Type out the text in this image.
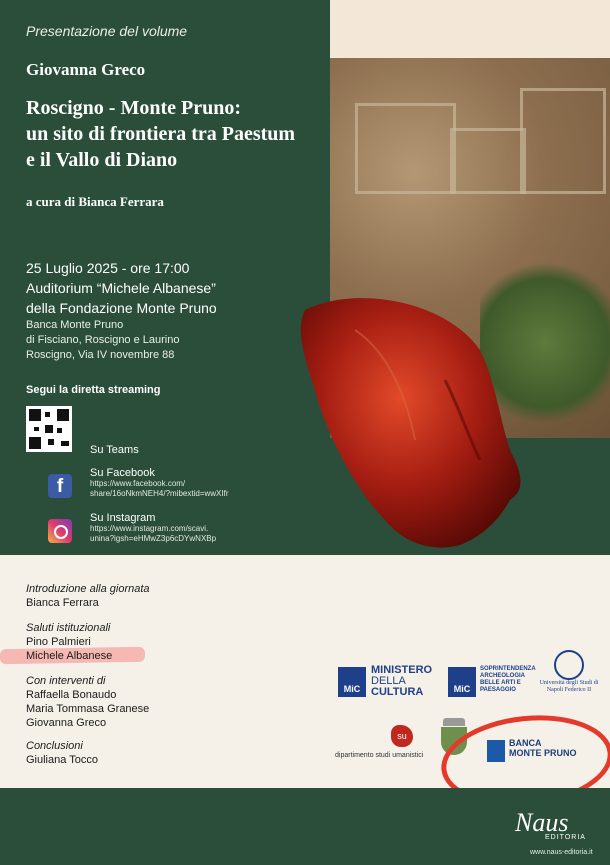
Presentazione del volume
Giovanna Greco
Roscigno - Monte Pruno:
un sito di frontiera tra Paestum
e il Vallo di Diano
a cura di Bianca Ferrara
25 Luglio 2025 - ore 17:00
Auditorium “Michele Albanese”
della Fondazione Monte Pruno
Banca Monte Pruno
di Fisciano, Roscigno e Laurino
Roscigno, Via IV novembre 88
Segui la diretta streaming
Su Teams
f
Su Facebook
https://www.facebook.com/
share/16oNkmNEH4/?mibextid=wwXIfr
Su Instagram
https://www.instagram.com/scavi.
unina?igsh=eHMwZ3p6cDYwNXBp
Introduzione alla giornata
Bianca Ferrara
Saluti istituzionali
Pino Palmieri
Michele Albanese
Con interventi di
Raffaella Bonaudo
Maria Tommasa Granese
Giovanna Greco
Conclusioni
Giuliana Tocco
MiC
MINISTERO
DELLA
CULTURA	MiC
SOPRINTENDENZA ARCHEOLOGIA BELLE ARTI E PAESAGGIO
Università degli Studi di Napoli Federico II
su
dipartimento studi umanistici
BANCA
MONTE PRUNO
Naus
EDITORIA
www.naus-editoria.it
